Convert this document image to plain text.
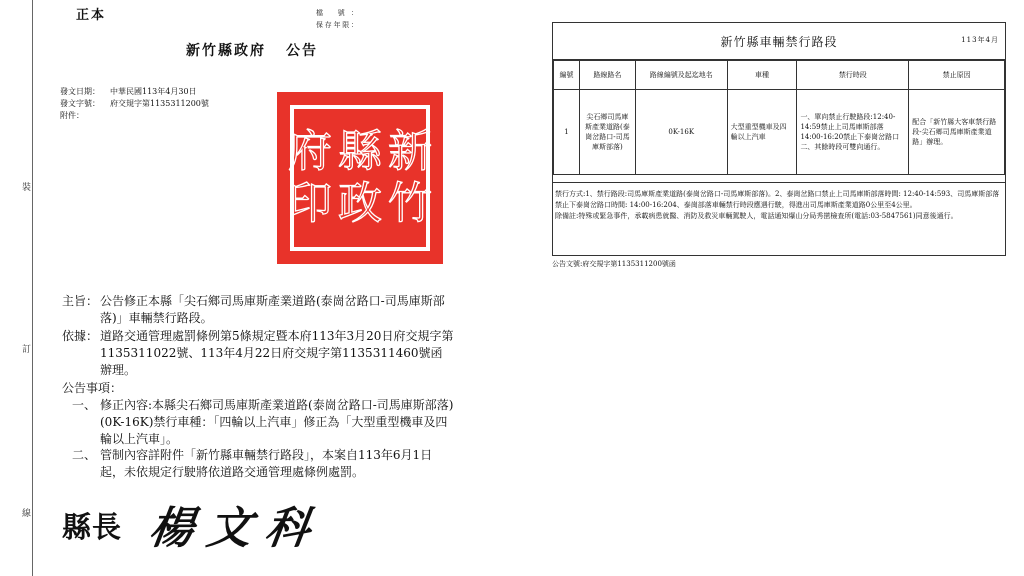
裝
訂
線
正本	檔 號：
保存年限：
新竹縣政府 公告
發文日期： 中華民國113年4月30日
發文字號： 府交規字第1135311200號
附件：
新竹
縣政
府印
主旨： 公告修正本縣「尖石鄉司馬庫斯產業道路(泰崗岔路口-司馬庫斯部落)」車輛禁行路段。
依據： 道路交通管理處罰條例第5條規定暨本府113年3月20日府交規字第1135311022號、113年4月22日府交規字第1135311460號函辦理。
公告事項：
一、 修正內容:本縣尖石鄉司馬庫斯產業道路(泰崗岔路口-司馬庫斯部落)(0K-16K)禁行車種：「四輪以上汽車」修正為「大型重型機車及四輪以上汽車」。
二、 管制內容詳附件「新竹縣車輛禁行路段」，本案自113年6月1日起，未依規定行駛將依道路交通管理處條例處罰。
縣長 楊文科
新竹縣車輛禁行路段	113年4月
編號	路線路名	路線編號及起迄地名	車種	禁行時段	禁止原因
1	尖石鄉司馬庫斯產業道路(泰崗岔路口-司馬庫斯部落)	0K-16K	大型重型機車及四輪以上汽車	一、單向禁止行駛路段:12:40-14:59禁止上司馬庫斯部落14:00-16:20禁止下泰崗岔路口 二、其餘時段可雙向通行。	配合「新竹縣大客車禁行路段-尖石鄉司馬庫斯產業道路」辦理。
禁行方式:1、禁行路段:司馬庫斯產業道路(泰崗岔路口-司馬庫斯部落)。2、泰崗岔路口禁止上司馬庫斯部落時間: 12:40-14:593、司馬庫斯部落禁止下泰崗岔路口時間: 14:00-16:204、泰崗部落車輛禁行時段應遇行駛，得進出司馬庫斯產業道路0公里至4公里。
除備註:特殊或緊急事件，承載病患就醫、消防及救災車輛駕駛人，電話通知爆山分局秀巒檢查所(電話:03-5847561)同意後通行。
公告文號:府交規字第1135311200號函
